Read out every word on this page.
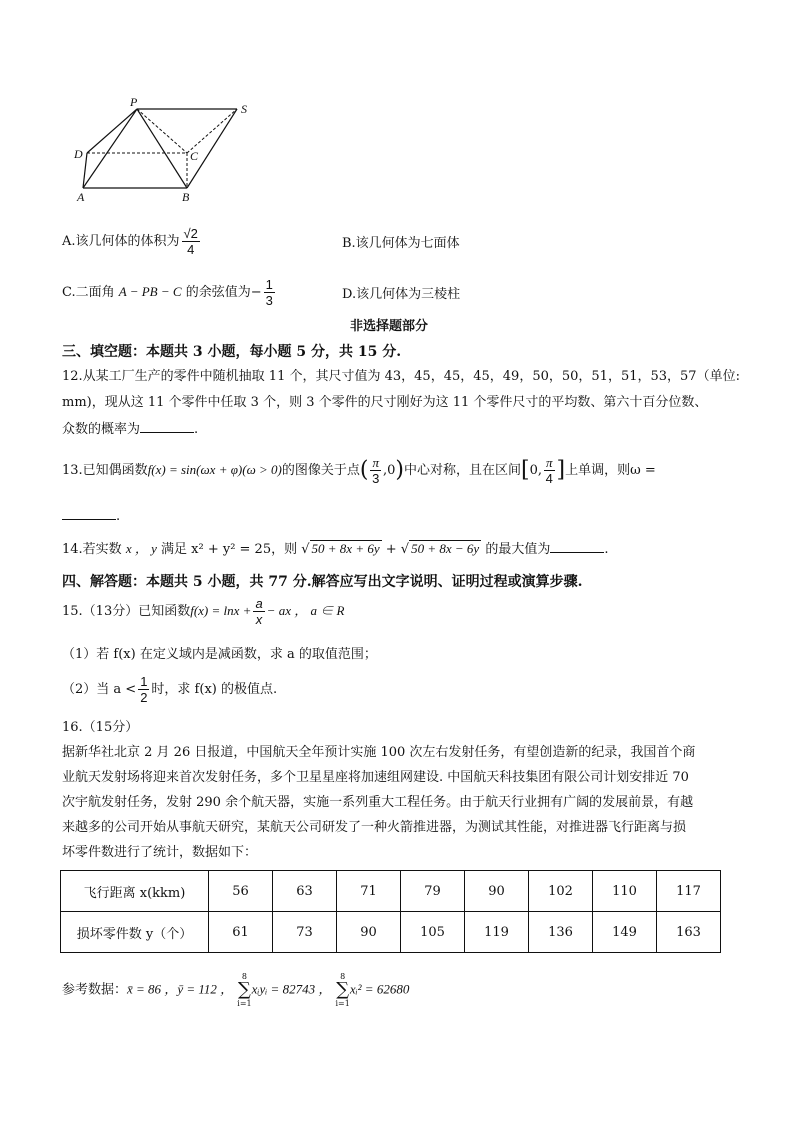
P	S
D	C
A	B
A.该几何体的体积为 $\frac{√2}{4}$	B.该几何体为七面体
C.二面角 A − PB − C 的余弦值为− $\frac{1}{3}$	D.该几何体为三棱柱
非选择题部分
三、填空题：本题共 3 小题，每小题 5 分，共 15 分.
12.从某工厂生产的零件中随机抽取 11 个，其尺寸值为 43，45，45，45，49，50，50，51，51，53，57（单位:
mm)，现从这 11 个零件中任取 3 个，则 3 个零件的尺寸刚好为这 11 个零件尺寸的平均数、第六十百分位数、
众数的概率为	.
13.已知偶函数f(x) = sin(ωx + φ)(ω > 0)的图像关于点( $\frac{\pi}{3} ,0$)中心对称，且在区间[0, $\frac{\pi}{4}$ ]上单调，则ω =
.
14.若实数 x ， y 满足 x² + y² = 25，则 √ 50 + 8x + 6y + √ 50 + 8x − 6y 的最大值为	.
四、解答题：本题共 5 小题，共 77 分.解答应写出文字说明、证明过程或演算步骤.
15.（13分）已知函数$f(x) = \ln x + \frac{a}{x}$ − ax ， a ∈ R
（1）若 f(x) 在定义域内是减函数，求 a 的取值范围；
（2）当 $a < \frac{1}{2}$ 时，求 f(x) 的极值点.
16.（15分）
据新华社北京 2 月 26 日报道，中国航天全年预计实施 100 次左右发射任务，有望创造新的纪录，我国首个商
业航天发射场将迎来首次发射任务，多个卫星星座将加速组网建设. 中国航天科技集团有限公司计划安排近 70
次宇航发射任务，发射 290 余个航天器，实施一系列重大工程任务。由于航天行业拥有广阔的发展前景，有越
来越多的公司开始从事航天研究，某航天公司研发了一种火箭推进器，为测试其性能，对推进器飞行距离与损
坏零件数进行了统计，数据如下：
飞行距离 x(kkm)	56	63	71	79	90	102	110	117
损坏零件数 y（个）	61	73	90	105	119	136	149	163
参考数据：x̄ = 86 ，ȳ = 112 ，
8
∑
i=1
xᵢyᵢ = 82743 ，
8
∑
i=1
xᵢ² = 62680
